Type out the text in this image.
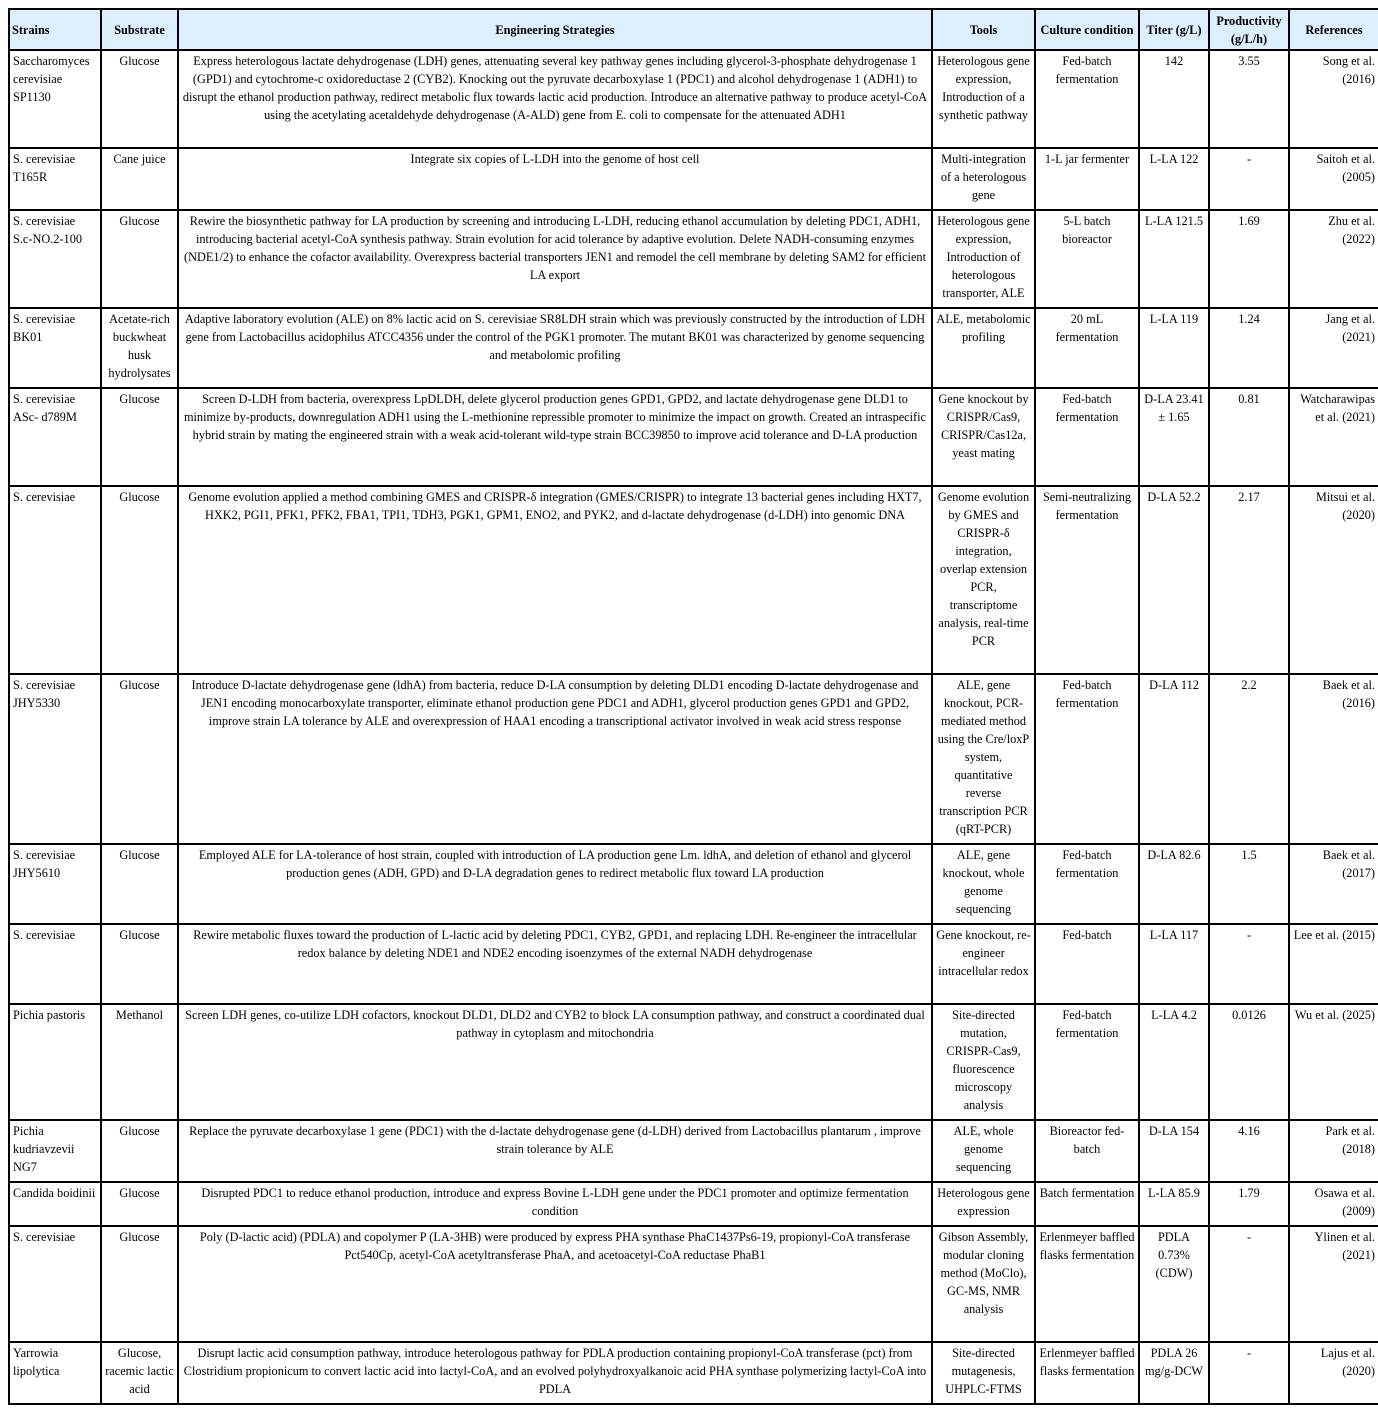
Strains	Substrate	Engineering Strategies	Tools	Culture condition	Titer (g/L)	Productivity (g/L/h)	References
Saccharomyces cerevisiae SP1130	Glucose	Express heterologous lactate dehydrogenase (LDH) genes, attenuating several key pathway genes including glycerol-3-phosphate dehydrogenase 1 (GPD1) and cytochrome-c oxidoreductase 2 (CYB2). Knocking out the pyruvate decarboxylase 1 (PDC1) and alcohol dehydrogenase 1 (ADH1) to disrupt the ethanol production pathway, redirect metabolic flux towards lactic acid production. Introduce an alternative pathway to produce acetyl-CoA using the acetylating acetaldehyde dehydrogenase (A-ALD) gene from E. coli to compensate for the attenuated ADH1	Heterologous gene expression, Introduction of a synthetic pathway	Fed-batch fermentation	142	3.55	Song et al. (2016)
S. cerevisiae T165R	Cane juice	Integrate six copies of L-LDH into the genome of host cell	Multi-integration of a heterologous gene	1-L jar fermenter	L-LA 122	-	Saitoh et al. (2005)
S. cerevisiae S.c-NO.2-100	Glucose	Rewire the biosynthetic pathway for LA production by screening and introducing L-LDH, reducing ethanol accumulation by deleting PDC1, ADH1, introducing bacterial acetyl-CoA synthesis pathway. Strain evolution for acid tolerance by adaptive evolution. Delete NADH-consuming enzymes (NDE1/2) to enhance the cofactor availability. Overexpress bacterial transporters JEN1 and remodel the cell membrane by deleting SAM2 for efficient LA export	Heterologous gene expression, Introduction of heterologous transporter, ALE	5-L batch bioreactor	L-LA 121.5	1.69	Zhu et al. (2022)
S. cerevisiae BK01	Acetate-rich buckwheat husk hydrolysates	Adaptive laboratory evolution (ALE) on 8% lactic acid on S. cerevisiae SR8LDH strain which was previously constructed by the introduction of LDH gene from Lactobacillus acidophilus ATCC4356 under the control of the PGK1 promoter. The mutant BK01 was characterized by genome sequencing and metabolomic profiling	ALE, metabolomic profiling	20 mL fermentation	L-LA 119	1.24	Jang et al. (2021)
S. cerevisiae ASc- d789M	Glucose	Screen D-LDH from bacteria, overexpress LpDLDH, delete glycerol production genes GPD1, GPD2, and lactate dehydrogenase gene DLD1 to minimize by-products, downregulation ADH1 using the L-methionine repressible promoter to minimize the impact on growth. Created an intraspecific hybrid strain by mating the engineered strain with a weak acid-tolerant wild-type strain BCC39850 to improve acid tolerance and D-LA production	Gene knockout by CRISPR/Cas9, CRISPR/Cas12a, yeast mating	Fed-batch fermentation	D-LA 23.41 ± 1.65	0.81	Watcharawipas et al. (2021)
S. cerevisiae	Glucose	Genome evolution applied a method combining GMES and CRISPR-δ integration (GMES/CRISPR) to integrate 13 bacterial genes including HXT7, HXK2, PGI1, PFK1, PFK2, FBA1, TPI1, TDH3, PGK1, GPM1, ENO2, and PYK2, and d-lactate dehydrogenase (d-LDH) into genomic DNA	Genome evolution by GMES and CRISPR-δ integration, overlap extension PCR, transcriptome analysis, real-time PCR	Semi-neutralizing fermentation	D-LA 52.2	2.17	Mitsui et al. (2020)
S. cerevisiae JHY5330	Glucose	Introduce D-lactate dehydrogenase gene (ldhA) from bacteria, reduce D-LA consumption by deleting DLD1 encoding D-lactate dehydrogenase and JEN1 encoding monocarboxylate transporter, eliminate ethanol production gene PDC1 and ADH1, glycerol production genes GPD1 and GPD2, improve strain LA tolerance by ALE and overexpression of HAA1 encoding a transcriptional activator involved in weak acid stress response	ALE, gene knockout, PCR-mediated method using the Cre/loxP system, quantitative reverse transcription PCR (qRT-PCR)	Fed-batch fermentation	D-LA 112	2.2	Baek et al. (2016)
S. cerevisiae JHY5610	Glucose	Employed ALE for LA-tolerance of host strain, coupled with introduction of LA production gene Lm. ldhA, and deletion of ethanol and glycerol production genes (ADH, GPD) and D-LA degradation genes to redirect metabolic flux toward LA production	ALE, gene knockout, whole genome sequencing	Fed-batch fermentation	D-LA 82.6	1.5	Baek et al. (2017)
S. cerevisiae	Glucose	Rewire metabolic fluxes toward the production of L-lactic acid by deleting PDC1, CYB2, GPD1, and replacing LDH. Re-engineer the intracellular redox balance by deleting NDE1 and NDE2 encoding isoenzymes of the external NADH dehydrogenase	Gene knockout, re-engineer intracellular redox	Fed-batch	L-LA 117	-	Lee et al. (2015)
Pichia pastoris	Methanol	Screen LDH genes, co-utilize LDH cofactors, knockout DLD1, DLD2 and CYB2 to block LA consumption pathway, and construct a coordinated dual pathway in cytoplasm and mitochondria	Site-directed mutation, CRISPR-Cas9, fluorescence microscopy analysis	Fed-batch fermentation	L-LA 4.2	0.0126	Wu et al. (2025)
Pichia kudriavzevii NG7	Glucose	Replace the pyruvate decarboxylase 1 gene (PDC1) with the d-lactate dehydrogenase gene (d-LDH) derived from Lactobacillus plantarum , improve strain tolerance by ALE	ALE, whole genome sequencing	Bioreactor fed-batch	D-LA 154	4.16	Park et al. (2018)
Candida boidinii	Glucose	Disrupted PDC1 to reduce ethanol production, introduce and express Bovine L-LDH gene under the PDC1 promoter and optimize fermentation condition	Heterologous gene expression	Batch fermentation	L-LA 85.9	1.79	Osawa et al. (2009)
S. cerevisiae	Glucose	Poly (D-lactic acid) (PDLA) and copolymer P (LA-3HB) were produced by express PHA synthase PhaC1437Ps6-19, propionyl-CoA transferase Pct540Cp, acetyl-CoA acetyltransferase PhaA, and acetoacetyl-CoA reductase PhaB1	Gibson Assembly, modular cloning method (MoClo), GC-MS, NMR analysis	Erlenmeyer baffled flasks fermentation	PDLA 0.73% (CDW)	-	Ylinen et al. (2021)
Yarrowia lipolytica	Glucose, racemic lactic acid	Disrupt lactic acid consumption pathway, introduce heterologous pathway for PDLA production containing propionyl-CoA transferase (pct) from Clostridium propionicum to convert lactic acid into lactyl-CoA, and an evolved polyhydroxyalkanoic acid PHA synthase polymerizing lactyl-CoA into PDLA	Site-directed mutagenesis, UHPLC-FTMS	Erlenmeyer baffled flasks fermentation	PDLA 26 mg/g-DCW	-	Lajus et al. (2020)
